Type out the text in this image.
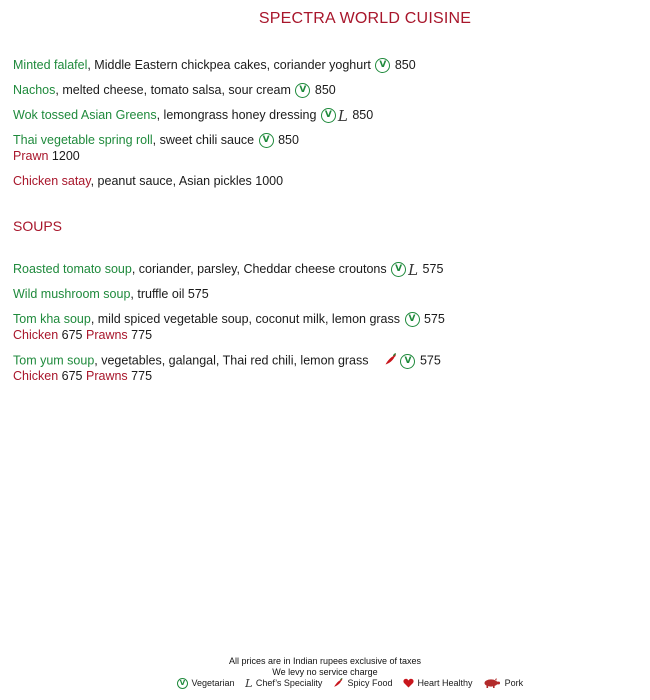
SPECTRA WORLD CUISINE
Minted falafel, Middle Eastern chickpea cakes, coriander yoghurt V 850
Nachos, melted cheese, tomato salsa, sour cream V 850
Wok tossed Asian Greens, lemongrass honey dressing V L 850
Thai vegetable spring roll, sweet chili sauce V 850
Prawn 1200
Chicken satay, peanut sauce, Asian pickles 1000
SOUPS
Roasted tomato soup, coriander, parsley, Cheddar cheese croutons V L 575
Wild mushroom soup, truffle oil 575
Tom kha soup, mild spiced vegetable soup, coconut milk, lemon grass V 575
Chicken 675 Prawns 775
Tom yum soup, vegetables, galangal, Thai red chili, lemon grass	V 575
Chicken 675 Prawns 775
All prices are in Indian rupees exclusive of taxes
We levy no service charge
V Vegetarian L Chef’s Speciality	Spicy Food	Heart Healthy	Pork
